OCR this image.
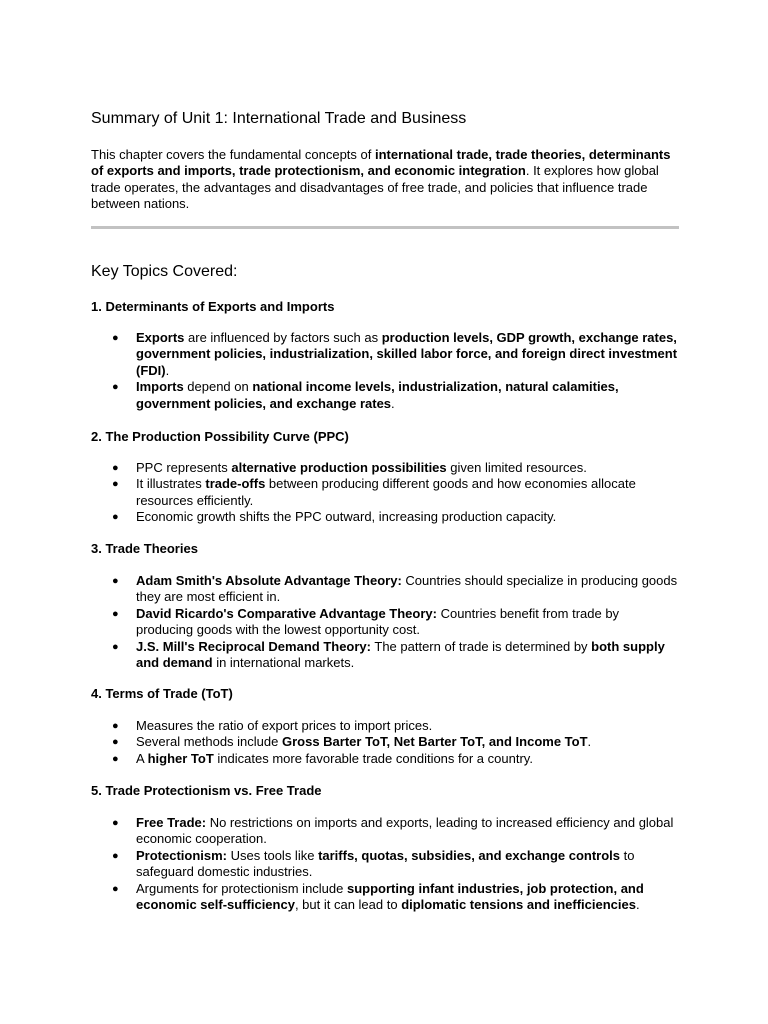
Summary of Unit 1: International Trade and Business

This chapter covers the fundamental concepts of international trade, trade theories, determinants of exports and imports, trade protectionism, and economic integration. It explores how global trade operates, the advantages and disadvantages of free trade, and policies that influence trade between nations.

Key Topics Covered:
1. Determinants of Exports and Imports
● Exports are influenced by factors such as production levels, GDP growth, exchange rates, government policies, industrialization, skilled labor force, and foreign direct investment (FDI).
● Imports depend on national income levels, industrialization, natural calamities, government policies, and exchange rates.
2. The Production Possibility Curve (PPC)
● PPC represents alternative production possibilities given limited resources.
● It illustrates trade-offs between producing different goods and how economies allocate resources efficiently.
● Economic growth shifts the PPC outward, increasing production capacity.
3. Trade Theories
● Adam Smith's Absolute Advantage Theory: Countries should specialize in producing goods they are most efficient in.
● David Ricardo's Comparative Advantage Theory: Countries benefit from trade by producing goods with the lowest opportunity cost.
● J.S. Mill's Reciprocal Demand Theory: The pattern of trade is determined by both supply and demand in international markets.
4. Terms of Trade (ToT)
● Measures the ratio of export prices to import prices.
● Several methods include Gross Barter ToT, Net Barter ToT, and Income ToT.
● A higher ToT indicates more favorable trade conditions for a country.
5. Trade Protectionism vs. Free Trade
● Free Trade: No restrictions on imports and exports, leading to increased efficiency and global economic cooperation.
● Protectionism: Uses tools like tariffs, quotas, subsidies, and exchange controls to safeguard domestic industries.
● Arguments for protectionism include supporting infant industries, job protection, and economic self-sufficiency, but it can lead to diplomatic tensions and inefficiencies.
